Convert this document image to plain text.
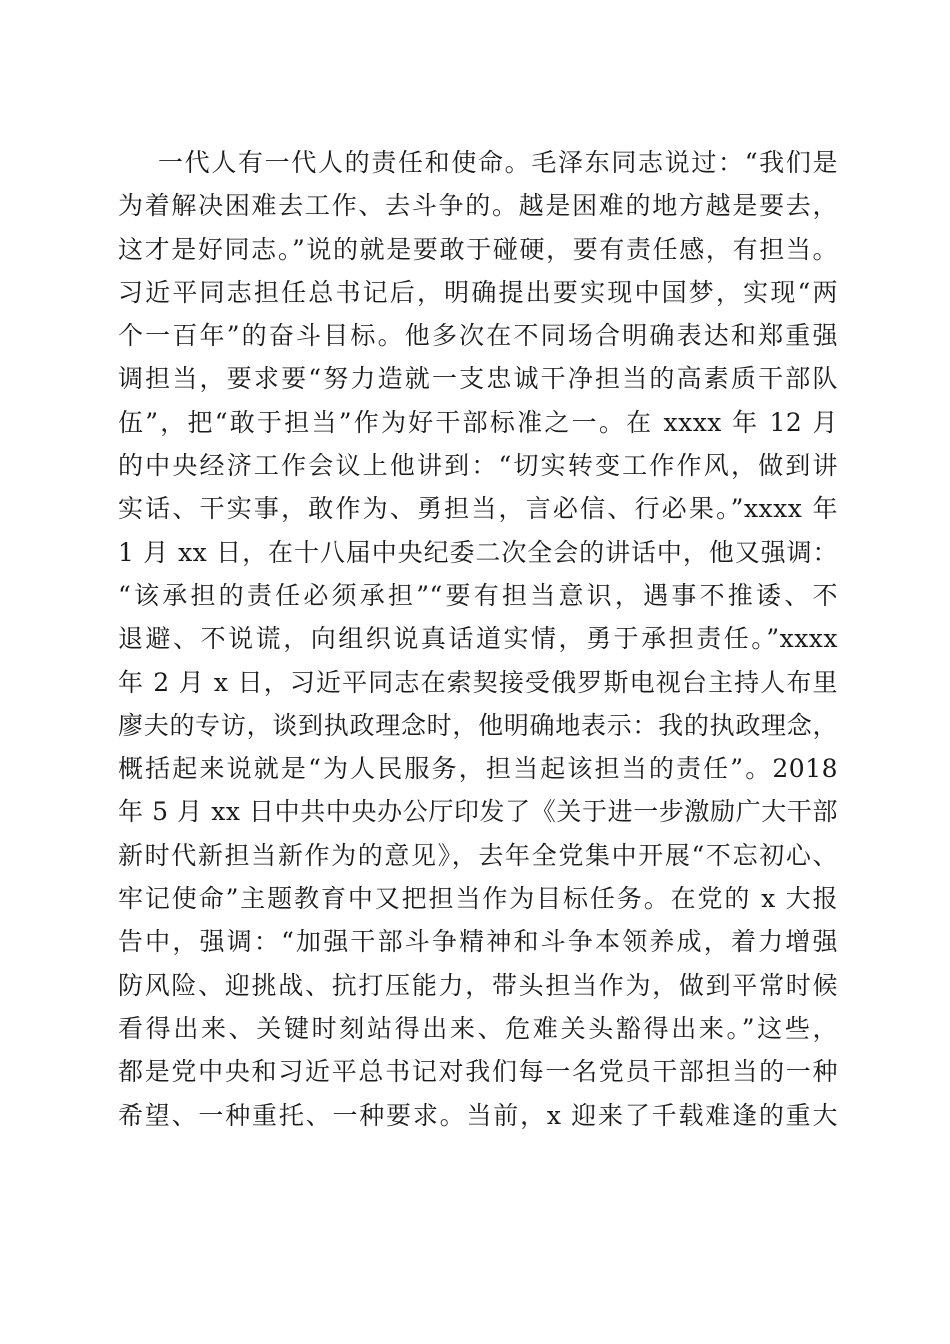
一代人有一代人的责任和使命。毛泽东同志说过：“我们是
为着解决困难去工作、去斗争的。越是困难的地方越是要去，
这才是好同志。”说的就是要敢于碰硬，要有责任感，有担当。
习近平同志担任总书记后，明确提出要实现中国梦，实现“两
个一百年”的奋斗目标。他多次在不同场合明确表达和郑重强
调担当，要求要“努力造就一支忠诚干净担当的高素质干部队
伍”，把“敢于担当”作为好干部标准之一。在 xxxx 年 12 月
的中央经济工作会议上他讲到：“切实转变工作作风，做到讲
实话、干实事，敢作为、勇担当，言必信、行必果。”xxxx 年
1 月 xx 日，在十八届中央纪委二次全会的讲话中，他又强调：
“该承担的责任必须承担”“要有担当意识，遇事不推诿、不
退避、不说谎，向组织说真话道实情，勇于承担责任。”xxxx
年 2 月 x 日，习近平同志在索契接受俄罗斯电视台主持人布里
廖夫的专访，谈到执政理念时，他明确地表示：我的执政理念，
概括起来说就是“为人民服务，担当起该担当的责任”。2018
年 5 月 xx 日中共中央办公厅印发了《关于进一步激励广大干部
新时代新担当新作为的意见》，去年全党集中开展“不忘初心、
牢记使命”主题教育中又把担当作为目标任务。在党的 x 大报
告中，强调：“加强干部斗争精神和斗争本领养成，着力增强
防风险、迎挑战、抗打压能力，带头担当作为，做到平常时候
看得出来、关键时刻站得出来、危难关头豁得出来。”这些，
都是党中央和习近平总书记对我们每一名党员干部担当的一种
希望、一种重托、一种要求。当前，x 迎来了千载难逢的重大
